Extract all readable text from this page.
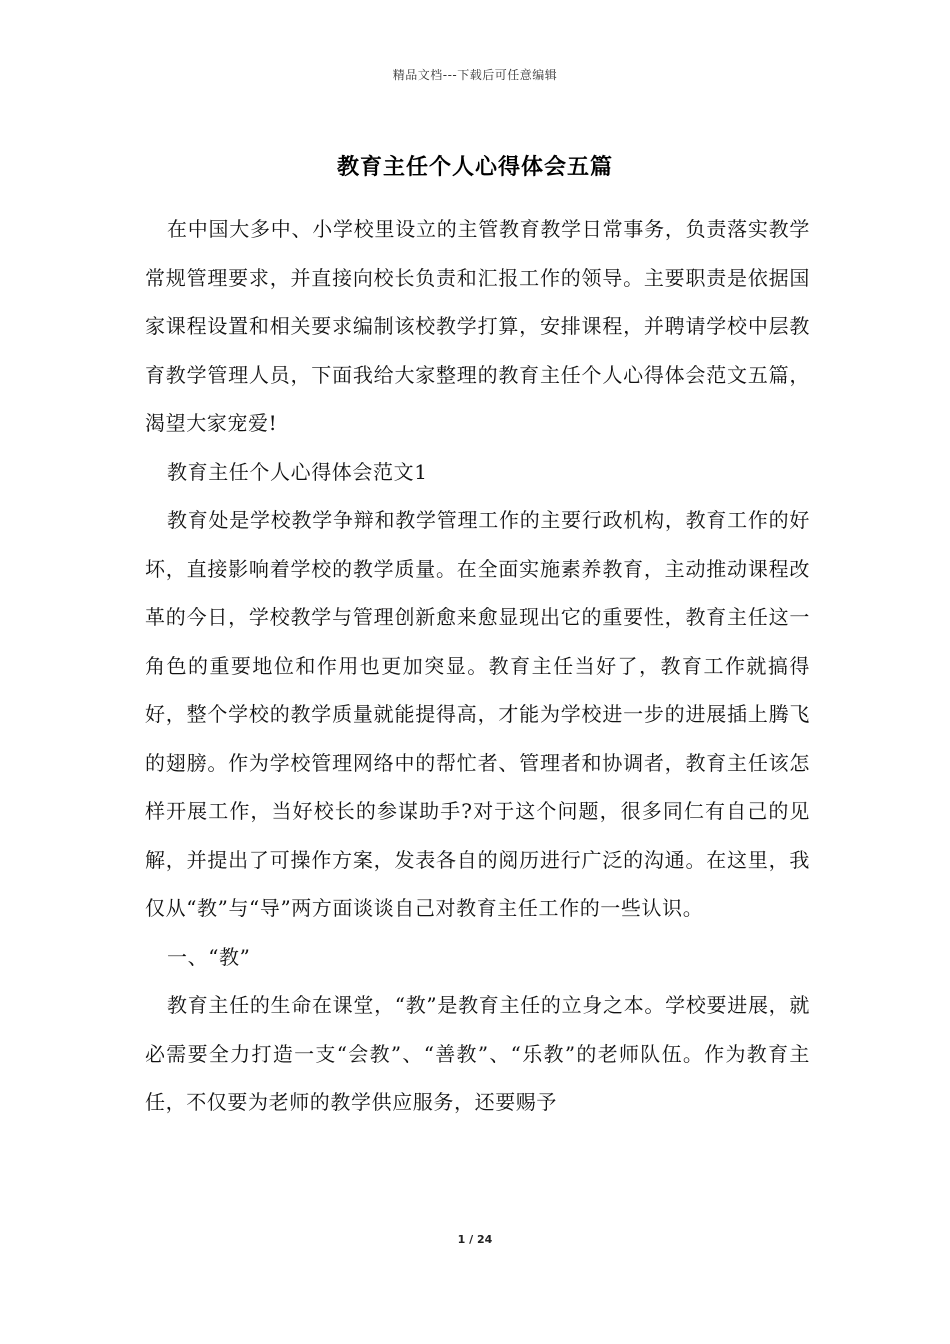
精品文档---下载后可任意编辑
教育主任个人心得体会五篇

在中国大多中、小学校里设立的主管教育教学日常事务，负责落实教学常规管理要求，并直接向校长负责和汇报工作的领导。主要职责是依据国家课程设置和相关要求编制该校教学打算，安排课程，并聘请学校中层教育教学管理人员，下面我给大家整理的教育主任个人心得体会范文五篇，渴望大家宠爱!

教育主任个人心得体会范文1

教育处是学校教学争辩和教学管理工作的主要行政机构，教育工作的好坏，直接影响着学校的教学质量。在全面实施素养教育，主动推动课程改革的今日，学校教学与管理创新愈来愈显现出它的重要性，教育主任这一角色的重要地位和作用也更加突显。教育主任当好了，教育工作就搞得好，整个学校的教学质量就能提得高，才能为学校进一步的进展插上腾飞的翅膀。作为学校管理网络中的帮忙者、管理者和协调者，教育主任该怎样开展工作，当好校长的参谋助手?对于这个问题，很多同仁有自己的见解，并提出了可操作方案，发表各自的阅历进行广泛的沟通。在这里，我仅从“教”与“导”两方面谈谈自己对教育主任工作的一些认识。

一、“教”

教育主任的生命在课堂，“教”是教育主任的立身之本。学校要进展，就必需要全力打造一支“会教”、“善教”、“乐教”的老师队伍。作为教育主任，不仅要为老师的教学供应服务，还要赐予

1 / 24
